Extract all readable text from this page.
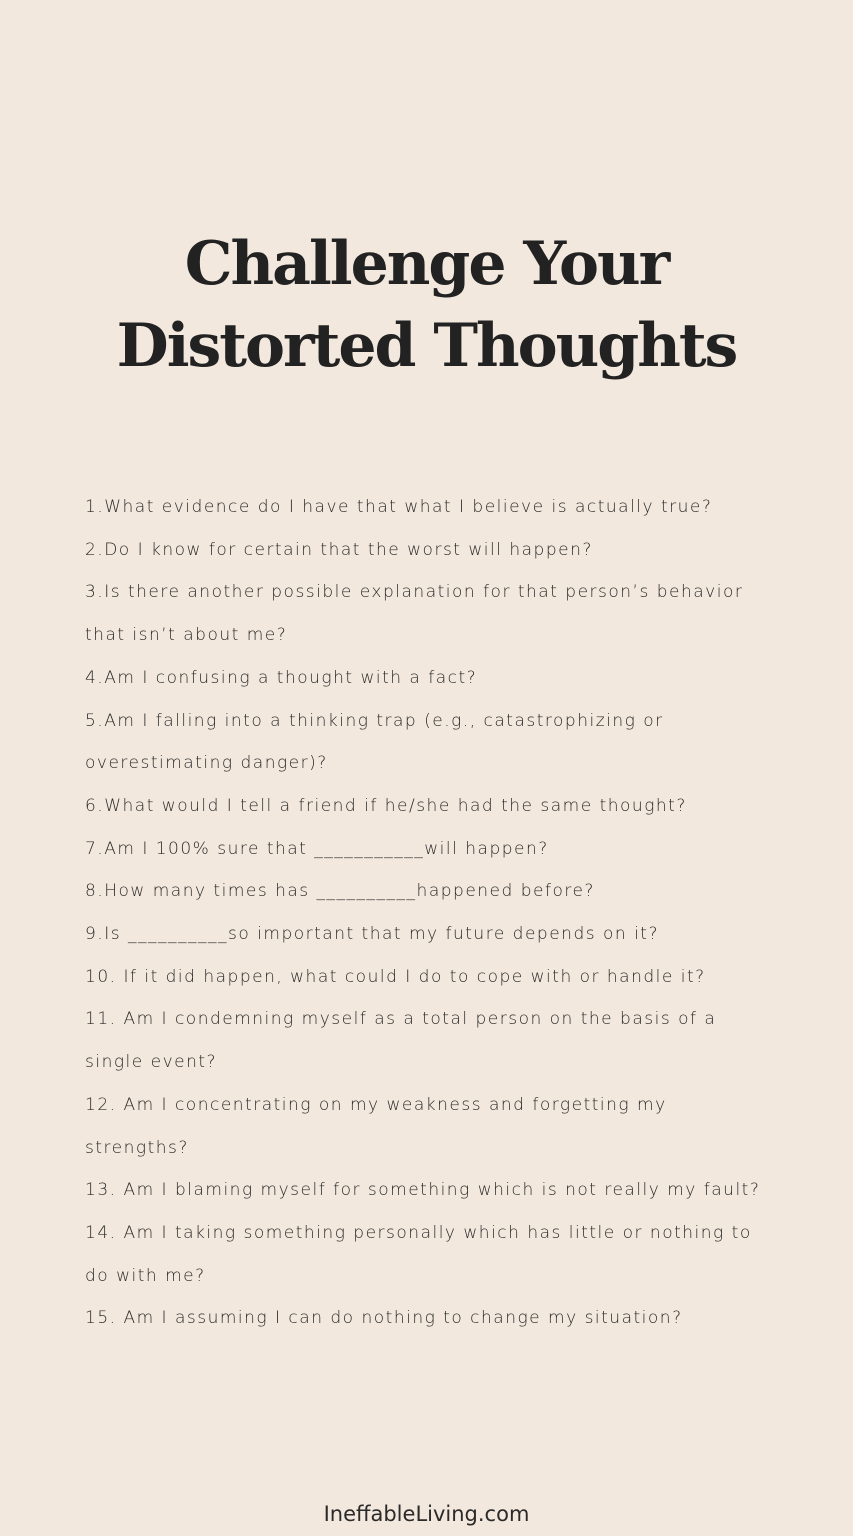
Challenge Your
Distorted Thoughts
1.What evidence do I have that what I believe is actually true?
2.Do I know for certain that the worst will happen?
3.Is there another possible explanation for that person’s behavior that isn’t about me?
4.Am I confusing a thought with a fact?
5.Am I falling into a thinking trap (e.g., catastrophizing or overestimating danger)?
6.What would I tell a friend if he/she had the same thought?
7.Am I 100% sure that ___________will happen?
8.How many times has __________happened before?
9.Is __________so important that my future depends on it?
10. If it did happen, what could I do to cope with or handle it?
11. Am I condemning myself as a total person on the basis of a single event?
12. Am I concentrating on my weakness and forgetting my strengths?
13. Am I blaming myself for something which is not really my fault?
14. Am I taking something personally which has little or nothing to do with me?
15. Am I assuming I can do nothing to change my situation?
IneffableLiving.com
